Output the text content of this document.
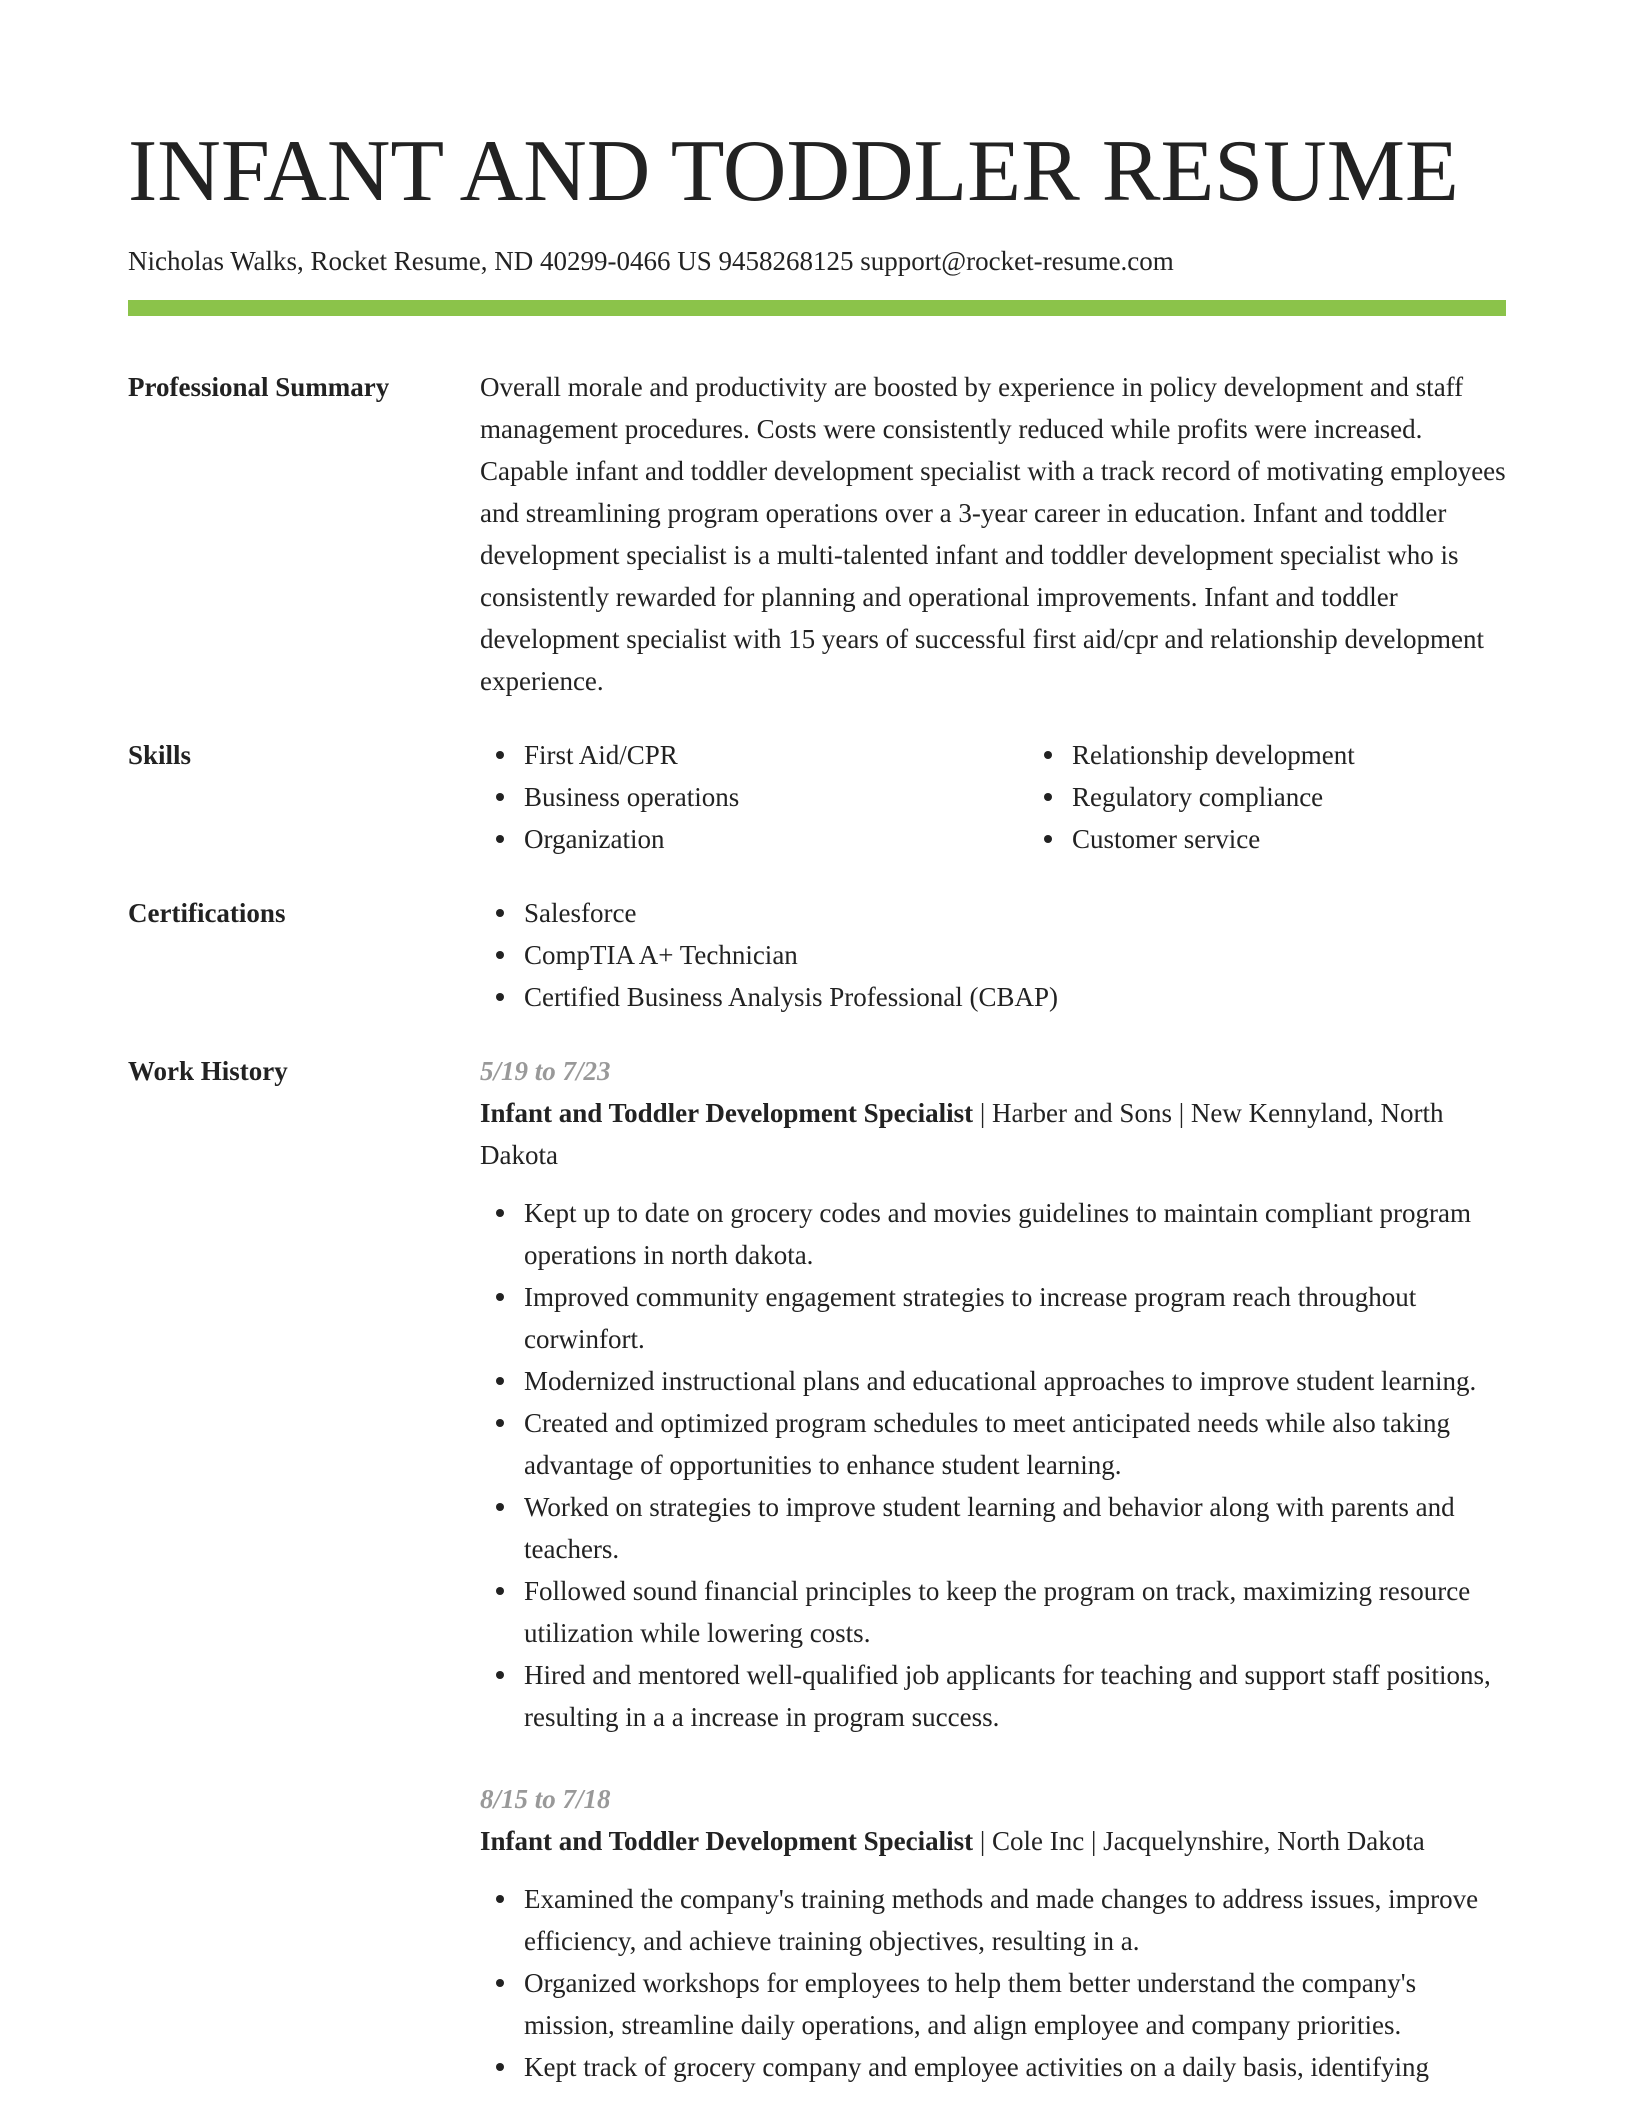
INFANT AND TODDLER RESUME
Nicholas Walks, Rocket Resume, ND 40299-0466 US 9458268125 support@rocket-resume.com
Professional Summary	Overall morale and productivity are boosted by experience in policy development and staff management procedures. Costs were consistently reduced while profits were increased. Capable infant and toddler development specialist with a track record of motivating employees and streamlining program operations over a 3-year career in education. Infant and toddler development specialist is a multi-talented infant and toddler development specialist who is consistently rewarded for planning and operational improvements. Infant and toddler development specialist with 15 years of successful first aid/cpr and relationship development experience.
Skills	First Aid/CPR
Business operations
Organization
Relationship development
Regulatory compliance
Customer service
Certifications	Salesforce
CompTIA A+ Technician
Certified Business Analysis Professional (CBAP)
Work History	5/19 to 7/23
Infant and Toddler Development Specialist | Harber and Sons | New Kennyland, North Dakota
Kept up to date on grocery codes and movies guidelines to maintain compliant program operations in north dakota.
Improved community engagement strategies to increase program reach throughout corwinfort.
Modernized instructional plans and educational approaches to improve student learning.
Created and optimized program schedules to meet anticipated needs while also taking advantage of opportunities to enhance student learning.
Worked on strategies to improve student learning and behavior along with parents and teachers.
Followed sound financial principles to keep the program on track, maximizing resource utilization while lowering costs.
Hired and mentored well-qualified job applicants for teaching and support staff positions, resulting in a a increase in program success.
8/15 to 7/18
Infant and Toddler Development Specialist | Cole Inc | Jacquelynshire, North Dakota
Examined the company's training methods and made changes to address issues, improve efficiency, and achieve training objectives, resulting in a.
Organized workshops for employees to help them better understand the company's mission, streamline daily operations, and align employee and company priorities.
Kept track of grocery company and employee activities on a daily basis, identifying
